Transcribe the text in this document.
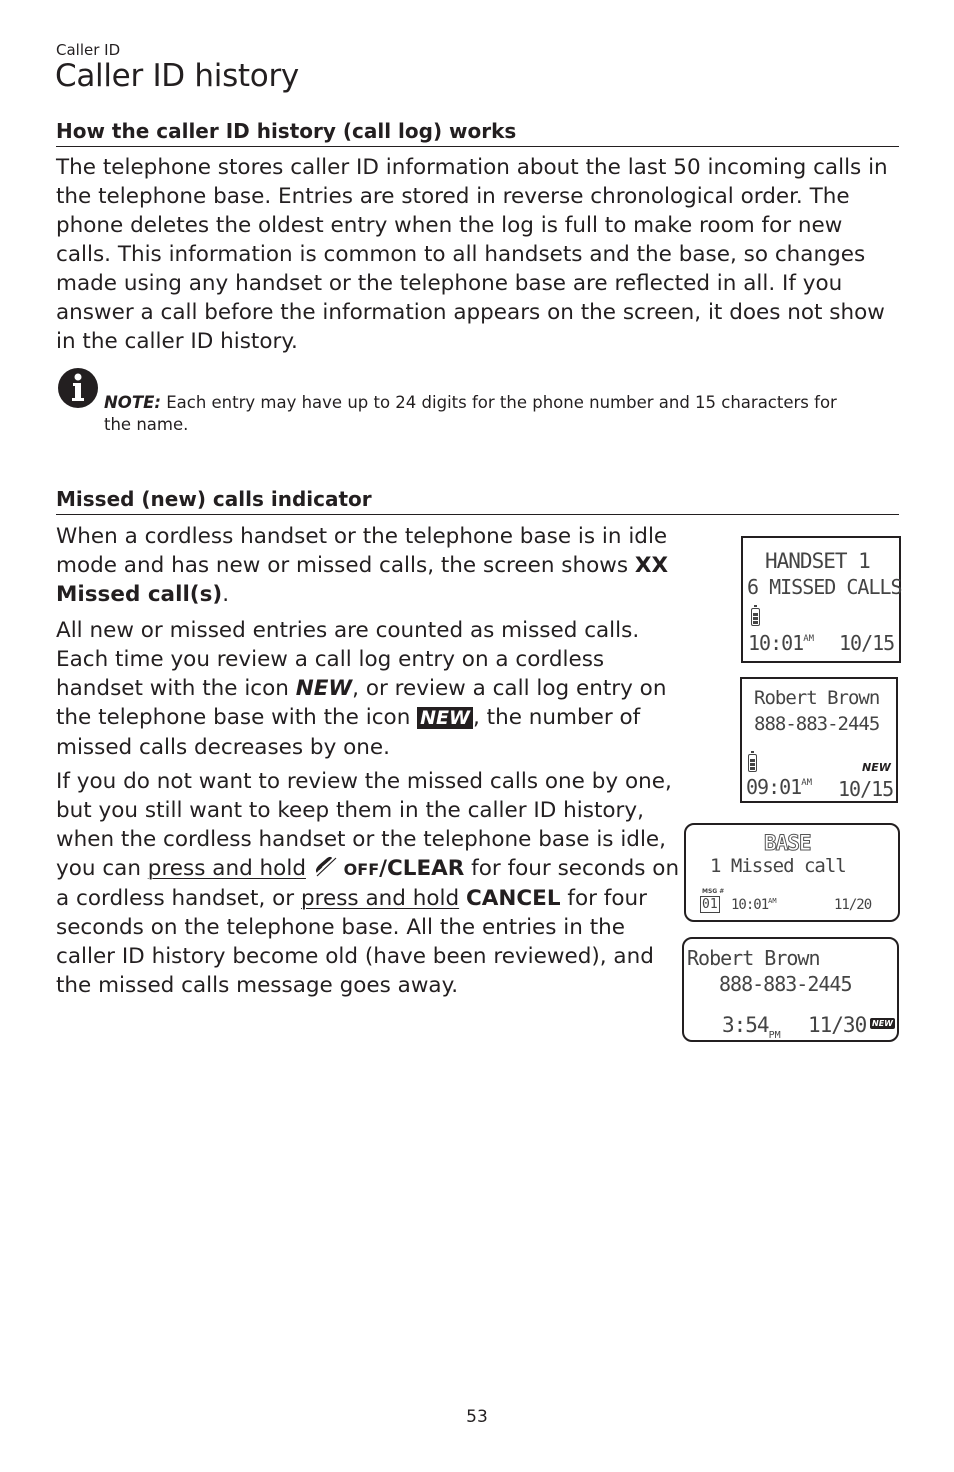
Caller ID
Caller ID history
How the caller ID history (call log) works

The telephone stores caller ID information about the last 50 incoming calls in the telephone base. Entries are stored in reverse chronological order. The phone deletes the oldest entry when the log is full to make room for new calls. This information is common to all handsets and the base, so changes made using any handset or the telephone base are reflected in all. If you answer a call before the information appears on the screen, it does not show in the caller ID history.

NOTE: Each entry may have up to 24 digits for the phone number and 15 characters for the name.
Missed (new) calls indicator

When a cordless handset or the telephone base is in idle mode and has new or missed calls, the screen shows XX Missed call(s).

All new or missed entries are counted as missed calls. Each time you review a call log entry on a cordless handset with the icon NEW, or review a call log entry on the telephone base with the icon NEW , the number of missed calls decreases by one.

If you do not want to review the missed calls one by one, but you still want to keep them in the caller ID history, when the cordless handset or the telephone base is idle, you can press and hold OFF/CLEAR for four seconds on a cordless handset, or press and hold CANCEL for four seconds on the telephone base. All the entries in the caller ID history become old (have been reviewed), and the missed calls message goes away.

HANDSET 1
6 MISSED CALLS
$10:01^{AM}$ 10/15
Robert Brown
888-883-2445
NEW
$09:01^{AM}$ 10/15
BASE
1 Missed call
MSG #
01 $10:01^{AM}$	11/20
Robert Brown
888-883-2445
$3:54_{PM}$ 11/30 NEW
53
